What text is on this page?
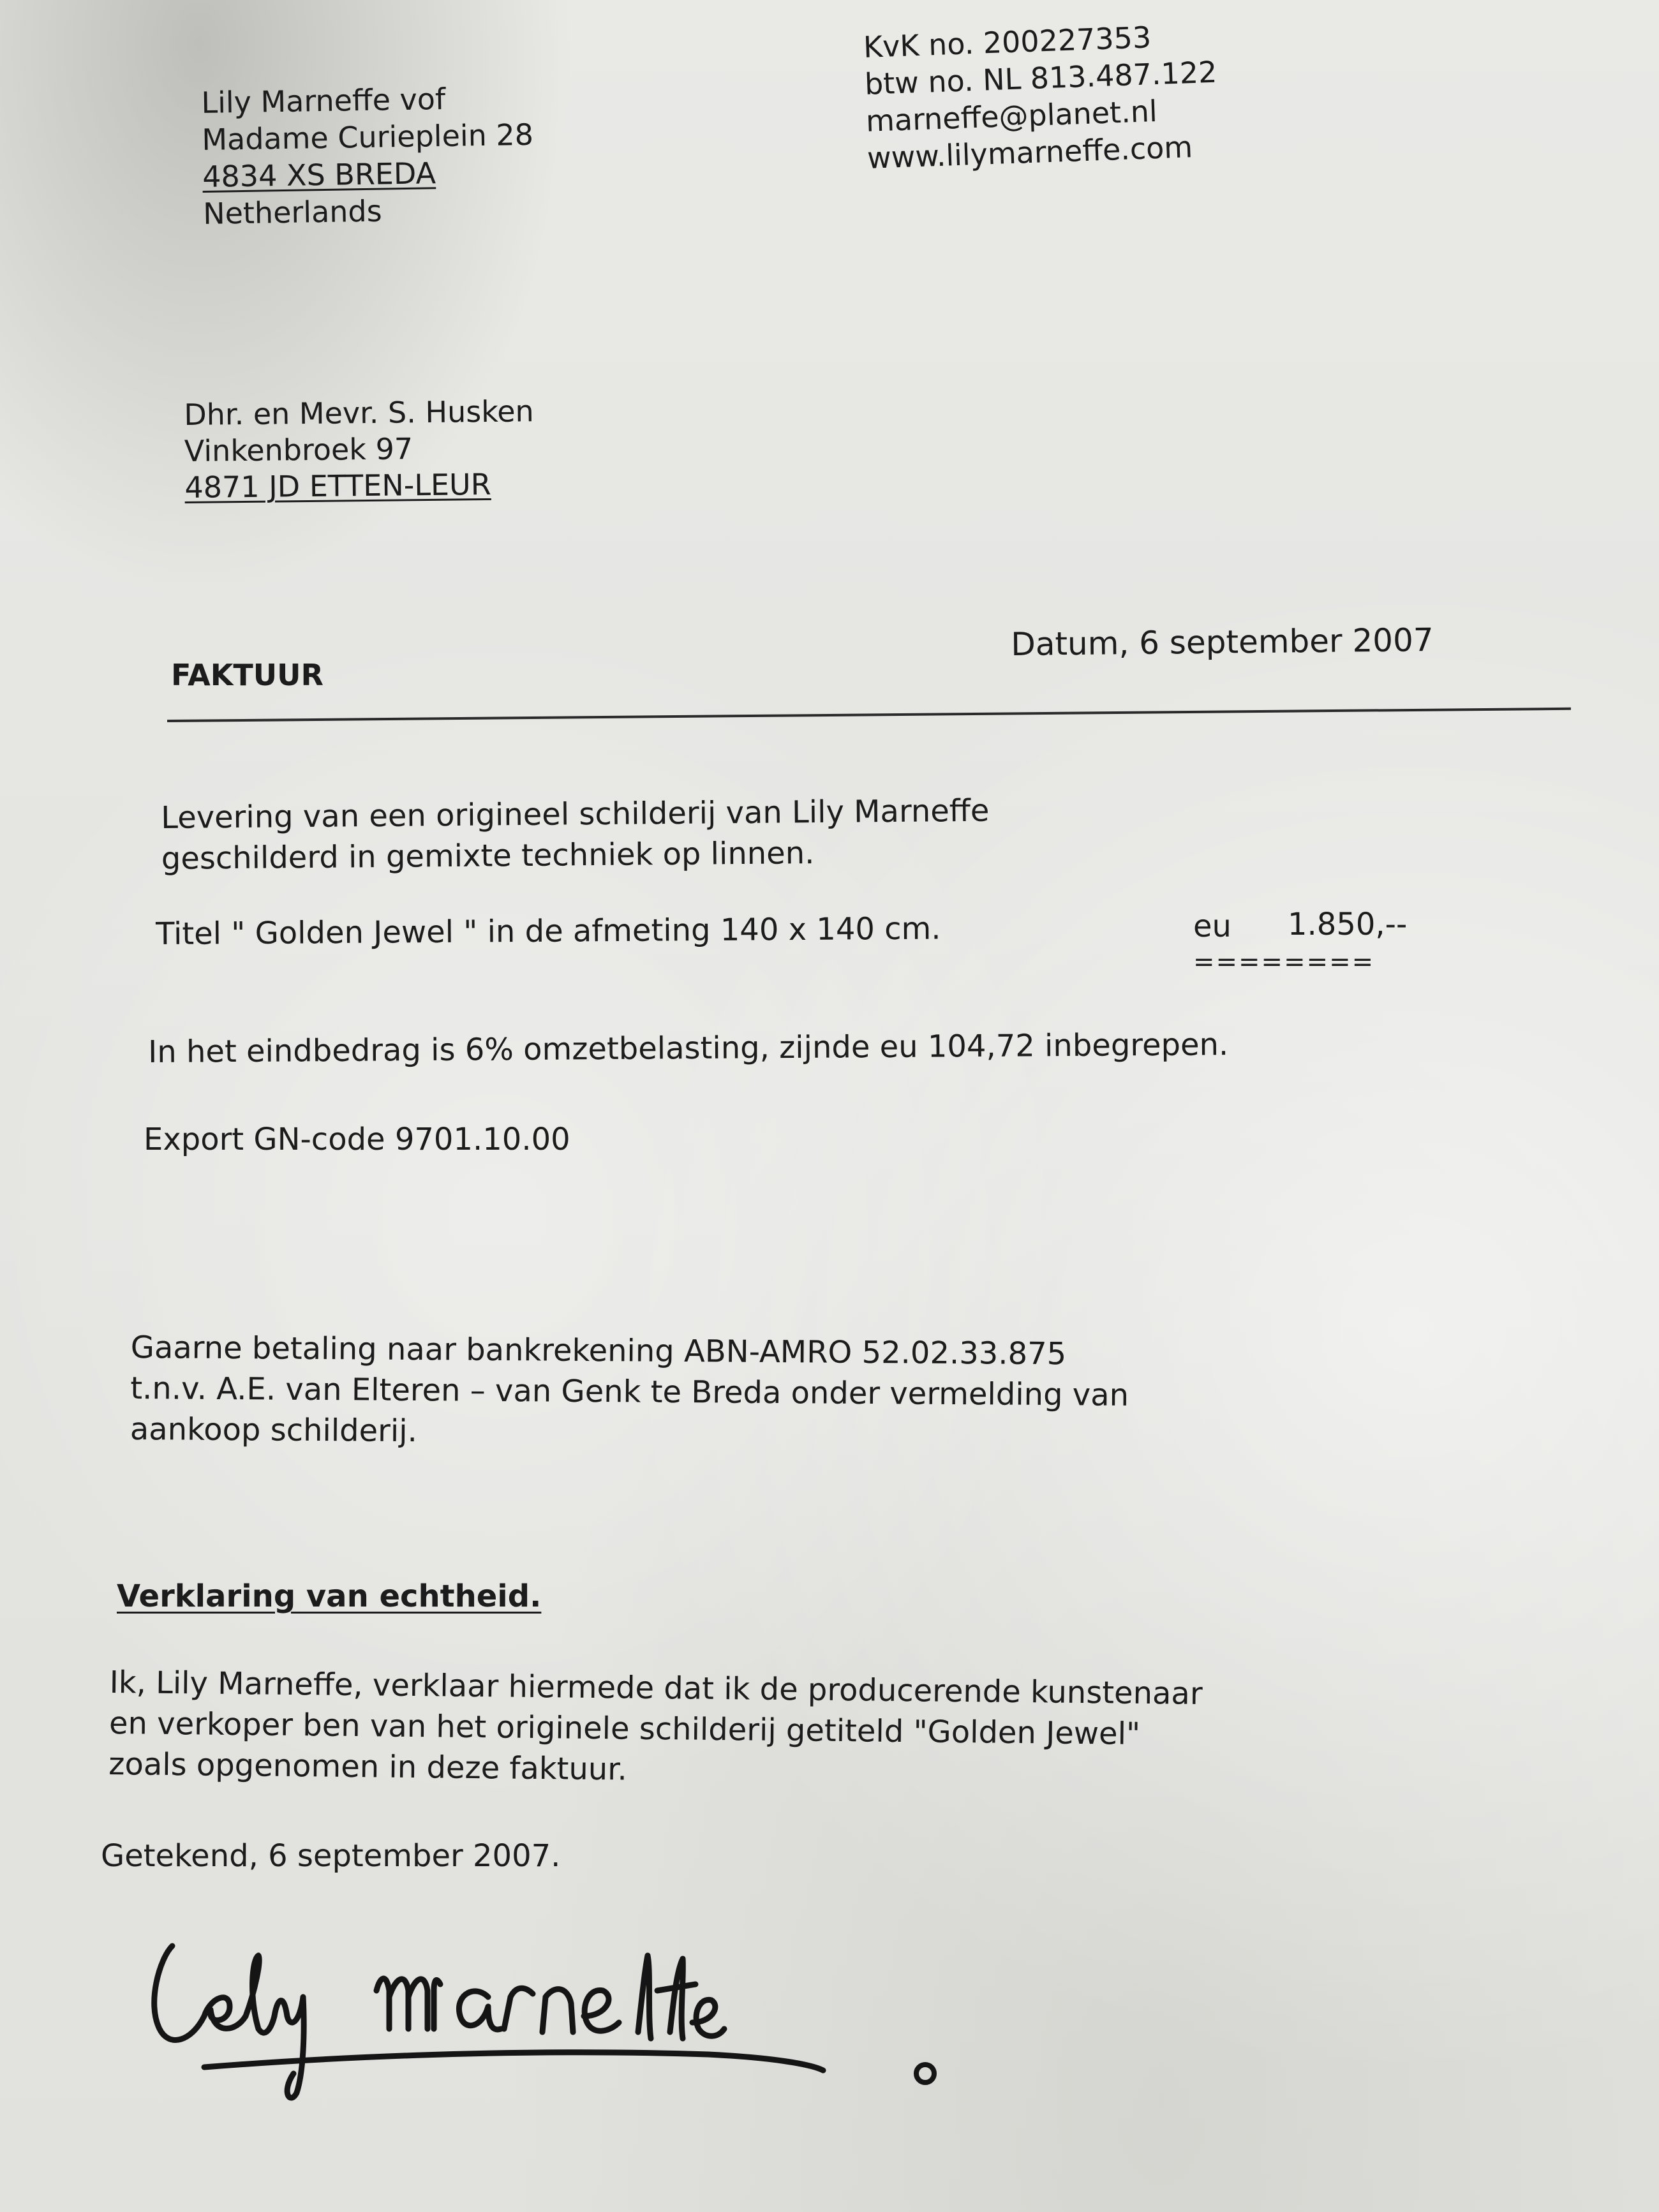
Lily Marneffe vof
Madame Curieplein 28
4834 XS BREDA
Netherlands
KvK no. 200227353
btw no. NL 813.487.122
marneffe@planet.nl
www.lilymarneffe.com
Dhr. en Mevr. S. Husken
Vinkenbroek 97
4871 JD ETTEN-LEUR
FAKTUUR
Datum, 6 september 2007
Levering van een origineel schilderij van Lily Marneffe
geschilderd in gemixte techniek op linnen.
Titel " Golden Jewel " in de afmeting 140 x 140 cm.	eu 1.850,--
========
In het eindbedrag is 6% omzetbelasting, zijnde eu 104,72 inbegrepen.
Export GN-code 9701.10.00
Gaarne betaling naar bankrekening ABN-AMRO 52.02.33.875
t.n.v. A.E. van Elteren – van Genk te Breda onder vermelding van
aankoop schilderij.
Verklaring van echtheid.
Ik, Lily Marneffe, verklaar hiermede dat ik de producerende kunstenaar
en verkoper ben van het originele schilderij getiteld "Golden Jewel"
zoals opgenomen in deze faktuur.
Getekend, 6 september 2007.
